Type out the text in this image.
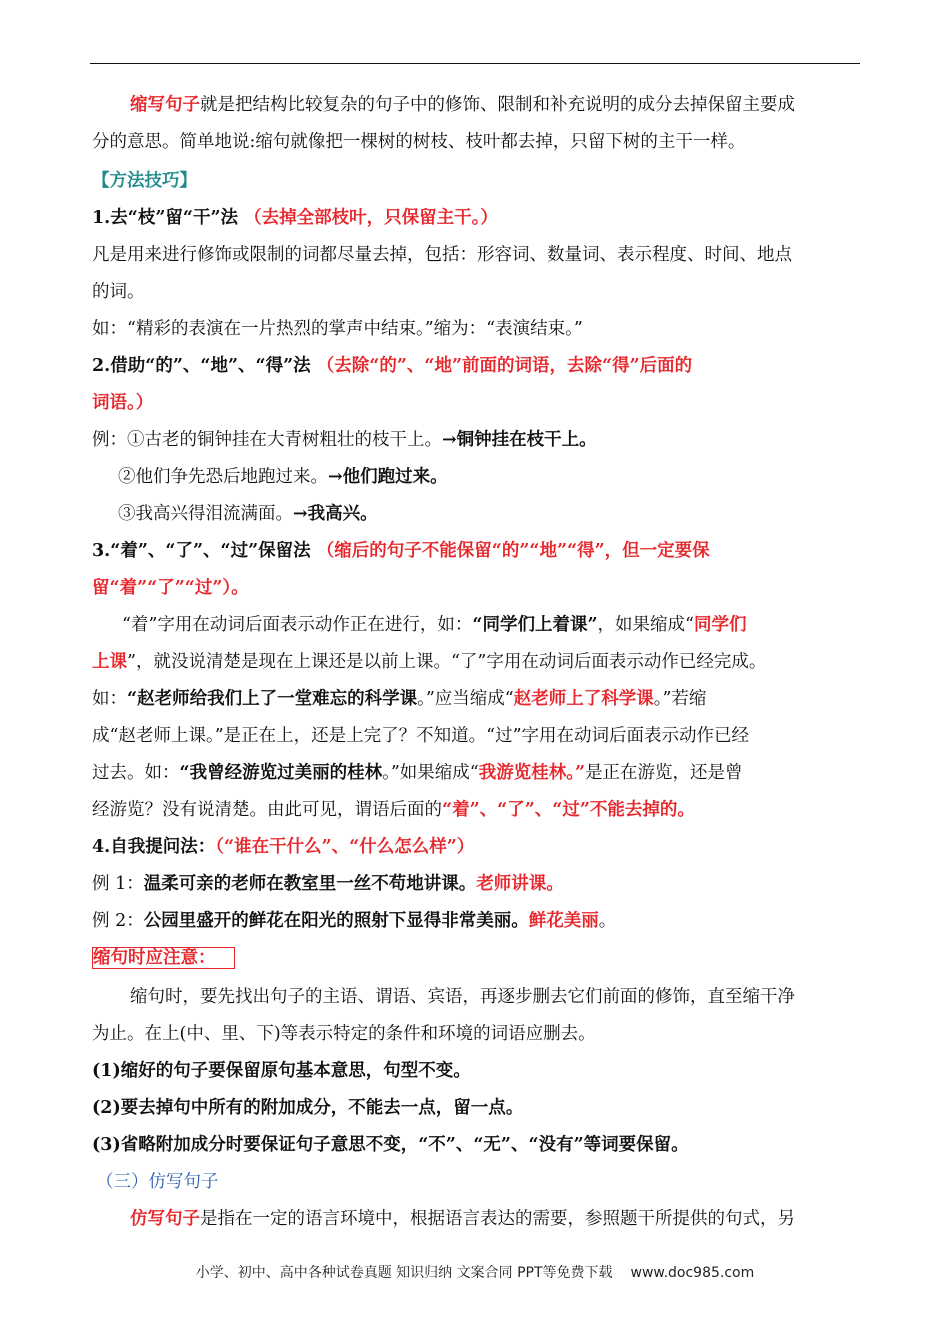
缩写句子就是把结构比较复杂的句子中的修饰、限制和补充说明的成分去掉保留主要成
分的意思。简单地说:缩句就像把一棵树的树枝、枝叶都去掉，只留下树的主干一样。
【方法技巧】
1.去“枝”留“干”法 （去掉全部枝叶，只保留主干。）
凡是用来进行修饰或限制的词都尽量去掉，包括：形容词、数量词、表示程度、时间、地点
的词。
如：“精彩的表演在一片热烈的掌声中结束。”缩为：“表演结束。”
2.借助“的”、“地”、“得”法 （去除“的”、“地”前面的词语，去除“得”后面的
词语。）
例：①古老的铜钟挂在大青树粗壮的枝干上。→铜钟挂在枝干上。
②他们争先恐后地跑过来。→他们跑过来。
③我高兴得泪流满面。→我高兴。
3.“着”、“了”、“过”保留法 （缩后的句子不能保留“的”“地”“得”，但一定要保
留“着”“了”“过”）。
“着”字用在动词后面表示动作正在进行，如：“同学们上着课”，如果缩成“同学们
上课”，就没说清楚是现在上课还是以前上课。“了”字用在动词后面表示动作已经完成。
如：“赵老师给我们上了一堂难忘的科学课。”应当缩成“赵老师上了科学课。”若缩
成“赵老师上课。”是正在上，还是上完了？不知道。“过”字用在动词后面表示动作已经
过去。如：“我曾经游览过美丽的桂林。”如果缩成“我游览桂林。”是正在游览，还是曾
经游览？没有说清楚。由此可见，谓语后面的“着”、“了”、“过”不能去掉的。
4.自我提问法：（“谁在干什么”、“什么怎么样”）
例 1：温柔可亲的老师在教室里一丝不苟地讲课。老师讲课。
例 2：公园里盛开的鲜花在阳光的照射下显得非常美丽。鲜花美丽。
缩句时应注意：
缩句时，要先找出句子的主语、谓语、宾语，再逐步删去它们前面的修饰，直至缩干净
为止。在上(中、里、下)等表示特定的条件和环境的词语应删去。
(1)缩好的句子要保留原句基本意思，句型不变。
(2)要去掉句中所有的附加成分，不能去一点，留一点。
(3)省略附加成分时要保证句子意思不变，“不”、“无”、“没有”等词要保留。
（三）仿写句子
仿写句子是指在一定的语言环境中，根据语言表达的需要，参照题干所提供的句式，另
小学、初中、高中各种试卷真题 知识归纳 文案合同 PPT等免费下载 www.doc985.com
